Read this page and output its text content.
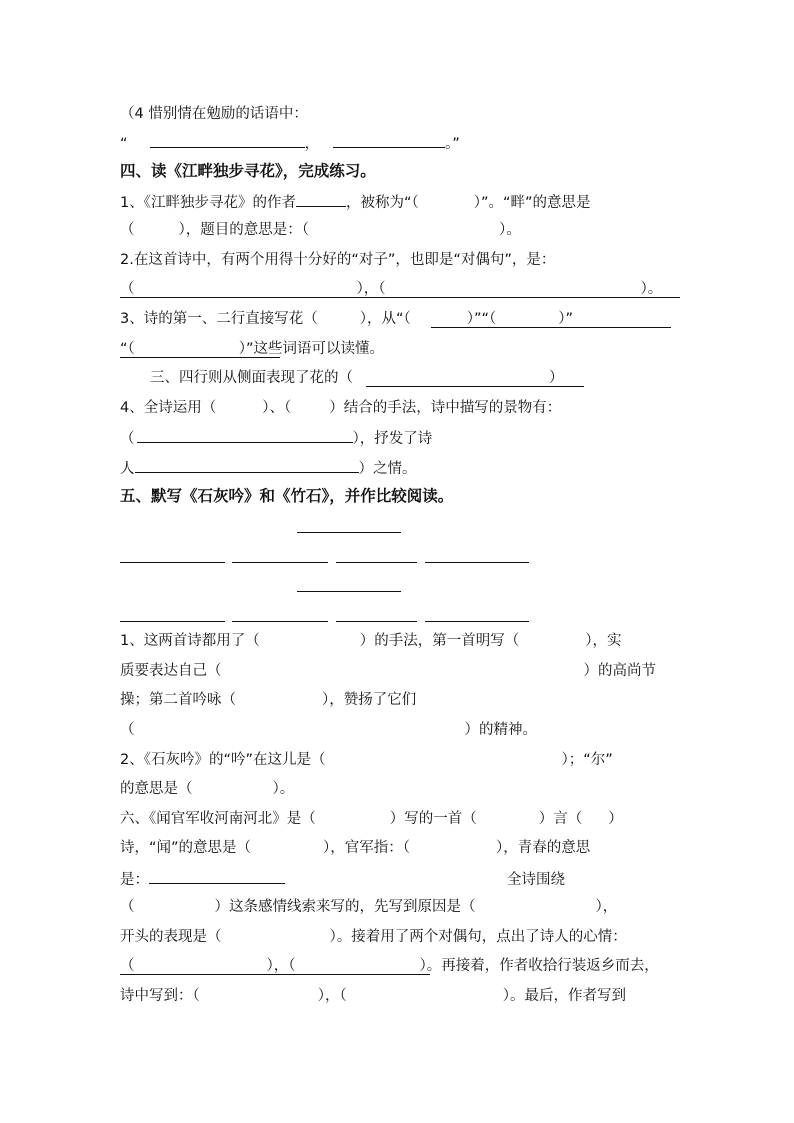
（4 惜别情在勉励的话语中：
“	，	。”
四、读《江畔独步寻花》，完成练习。
1、《江畔独步寻花》的作者	，被称为“（	）”。“畔”的意思是
（	），题目的意思是：（	）。
2.在这首诗中，有两个用得十分好的“对子”，也即是“对偶句”，是：
（	），（	）。
3、诗的第一、二行直接写花（	），从“（	）”“（	）”
“（	）”这些词语可以读懂。
三、四行则从侧面表现了花的（	）
4、全诗运用（	）、（	）结合的手法，诗中描写的景物有：
（	），抒发了诗
人	）之情。
五、默写《石灰吟》和《竹石》，并作比较阅读。
1、这两首诗都用了（	）的手法，第一首明写（	），实
质要表达自己（	）的高尚节
操；第二首吟咏（	），赞扬了它们
（	）的精神。
2、《石灰吟》的“吟”在这儿是（	）；“尔”
的意思是（	）。
六、《闻官军收河南河北》是（	）写的一首（	）言（ ）
诗，“闻”的意思是（	），官军指：（	），青春的意思
是：	全诗围绕
（	）这条感情线索来写的，先写到原因是（	），
开头的表现是（	）。接着用了两个对偶句，点出了诗人的心情：
（	），（	）。再接着，作者收拾行装返乡而去，
诗中写到：（	），（	）。最后，作者写到
